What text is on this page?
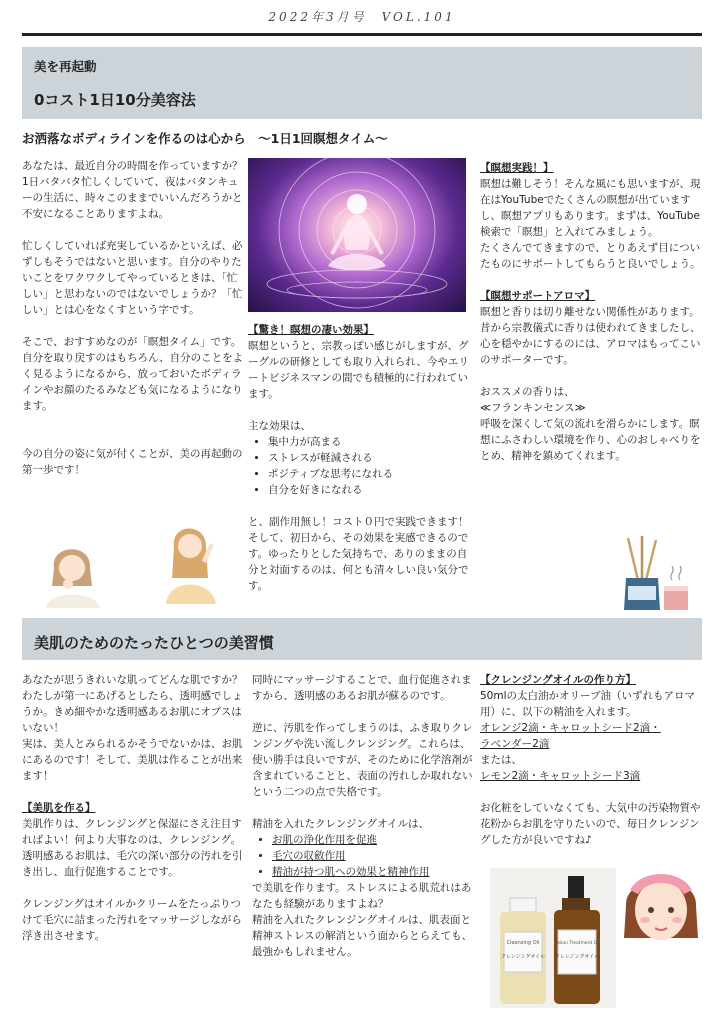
2022年3月号　VOL.101
美を再起動
0コスト1日10分美容法
お洒落なボディラインを作るのは心から　～1日1回瞑想タイム～

あなたは、最近自分の時間を作っていますか？1日バタバタ忙しくしていて、夜はバタンキューの生活に、時々このままでいいんだろうかと不安になることありますよね。

忙しくしていれば充実しているかといえば、必ずしもそうではないと思います。自分のやりたいことをワクワクしてやっているときは、「忙しい」と思わないのではないでしょうか？「忙しい」とは心をなくすという字です。

そこで、おすすめなのが「瞑想タイム」です。自分を取り戻すのはもちろん、自分のことをよく見るようになるから、放っておいたボディラインやお顔のたるみなども気になるようになります。

今の自分の姿に気が付くことが、美の再起動の第一歩です！

【驚き！瞑想の凄い効果】

瞑想というと、宗教っぽい感じがしますが、グーグルの研修としても取り入れられ、今やエリートビジネスマンの間でも積極的に行われています。

主な効果は、

• 集中力が高まる
• ストレスが軽減される
• ポジティブな思考になれる
• 自分を好きになれる

と、副作用無し！コスト０円で実践できます！そして、初日から、その効果を実感できるのです。ゆったりとした気持ちで、ありのままの自分と対面するのは、何とも清々しい良い気分です。

【瞑想実践！】

瞑想は難しそう！そんな風にも思いますが、現在はYouTubeでたくさんの瞑想が出ていますし、瞑想アプリもあります。まずは、YouTube検索で「瞑想」と入れてみましょう。

たくさんでてきますので、とりあえず目についたものにサポートしてもらうと良いでしょう。

【瞑想サポートアロマ】

瞑想と香りは切り離せない関係性があります。昔から宗教儀式に香りは使われてきましたし、心を穏やかにするのには、アロマはもってこいのサポーターです。

おススメの香りは、

≪フランキンセンス≫

呼吸を深くして気の流れを滑らかにします。瞑想にふさわしい環境を作り、心のおしゃべりをとめ、精神を鎮めてくれます。

美肌のためのたったひとつの美習慣

あなたが思うきれいな肌ってどんな肌ですか？

わたしが第一にあげるとしたら、透明感でしょうか。きめ細やかな透明感あるお肌にオブスはいない！

実は、美人とみられるかそうでないかは、お肌にあるのです！そして、美肌は作ることが出来ます！

【美肌を作る】

美肌作りは、クレンジングと保湿にさえ注目すればよい！何より大事なのは、クレンジング。透明感あるお肌は、毛穴の深い部分の汚れを引き出し、血行促進することです。

クレンジングはオイルかクリームをたっぷりつけて毛穴に詰まった汚れをマッサージしながら浮き出させます。

同時にマッサージすることで、血行促進されますから、透明感のあるお肌が蘇るのです。

逆に、汚肌を作ってしまうのは、ふき取りクレンジングや洗い流しクレンジング。これらは、使い勝手は良いですが、そのために化学溶剤が含まれていることと、表面の汚れしか取れないという二つの点で失格です。

精油を入れたクレンジングオイルは、

• お肌の浄化作用を促進
• 毛穴の収斂作用
• 精油が持つ肌への効果と精神作用

で美肌を作ります。ストレスによる肌荒れはあなたも経験がありますよね？

精油を入れたクレンジングオイルは、肌表面と精神ストレスの解消という面からとらえても、最強かもしれません。

【クレンジングオイルの作り方】

50mlの太白油かオリーブ油（いずれもアロマ用）に、以下の精油を入れます。

オレンジ2滴・キャロットシード2滴・

ラベンダー2滴

または、

レモン2滴・キャロットシード3滴

お化粧をしていなくても、大気中の汚染物質や花粉からお肌を守りたいので、毎日クレンジングした方が良いですね♪

Cleansing Oil
クレンジングオイル
Lotion Treatment Oil
クレンジングオイル
